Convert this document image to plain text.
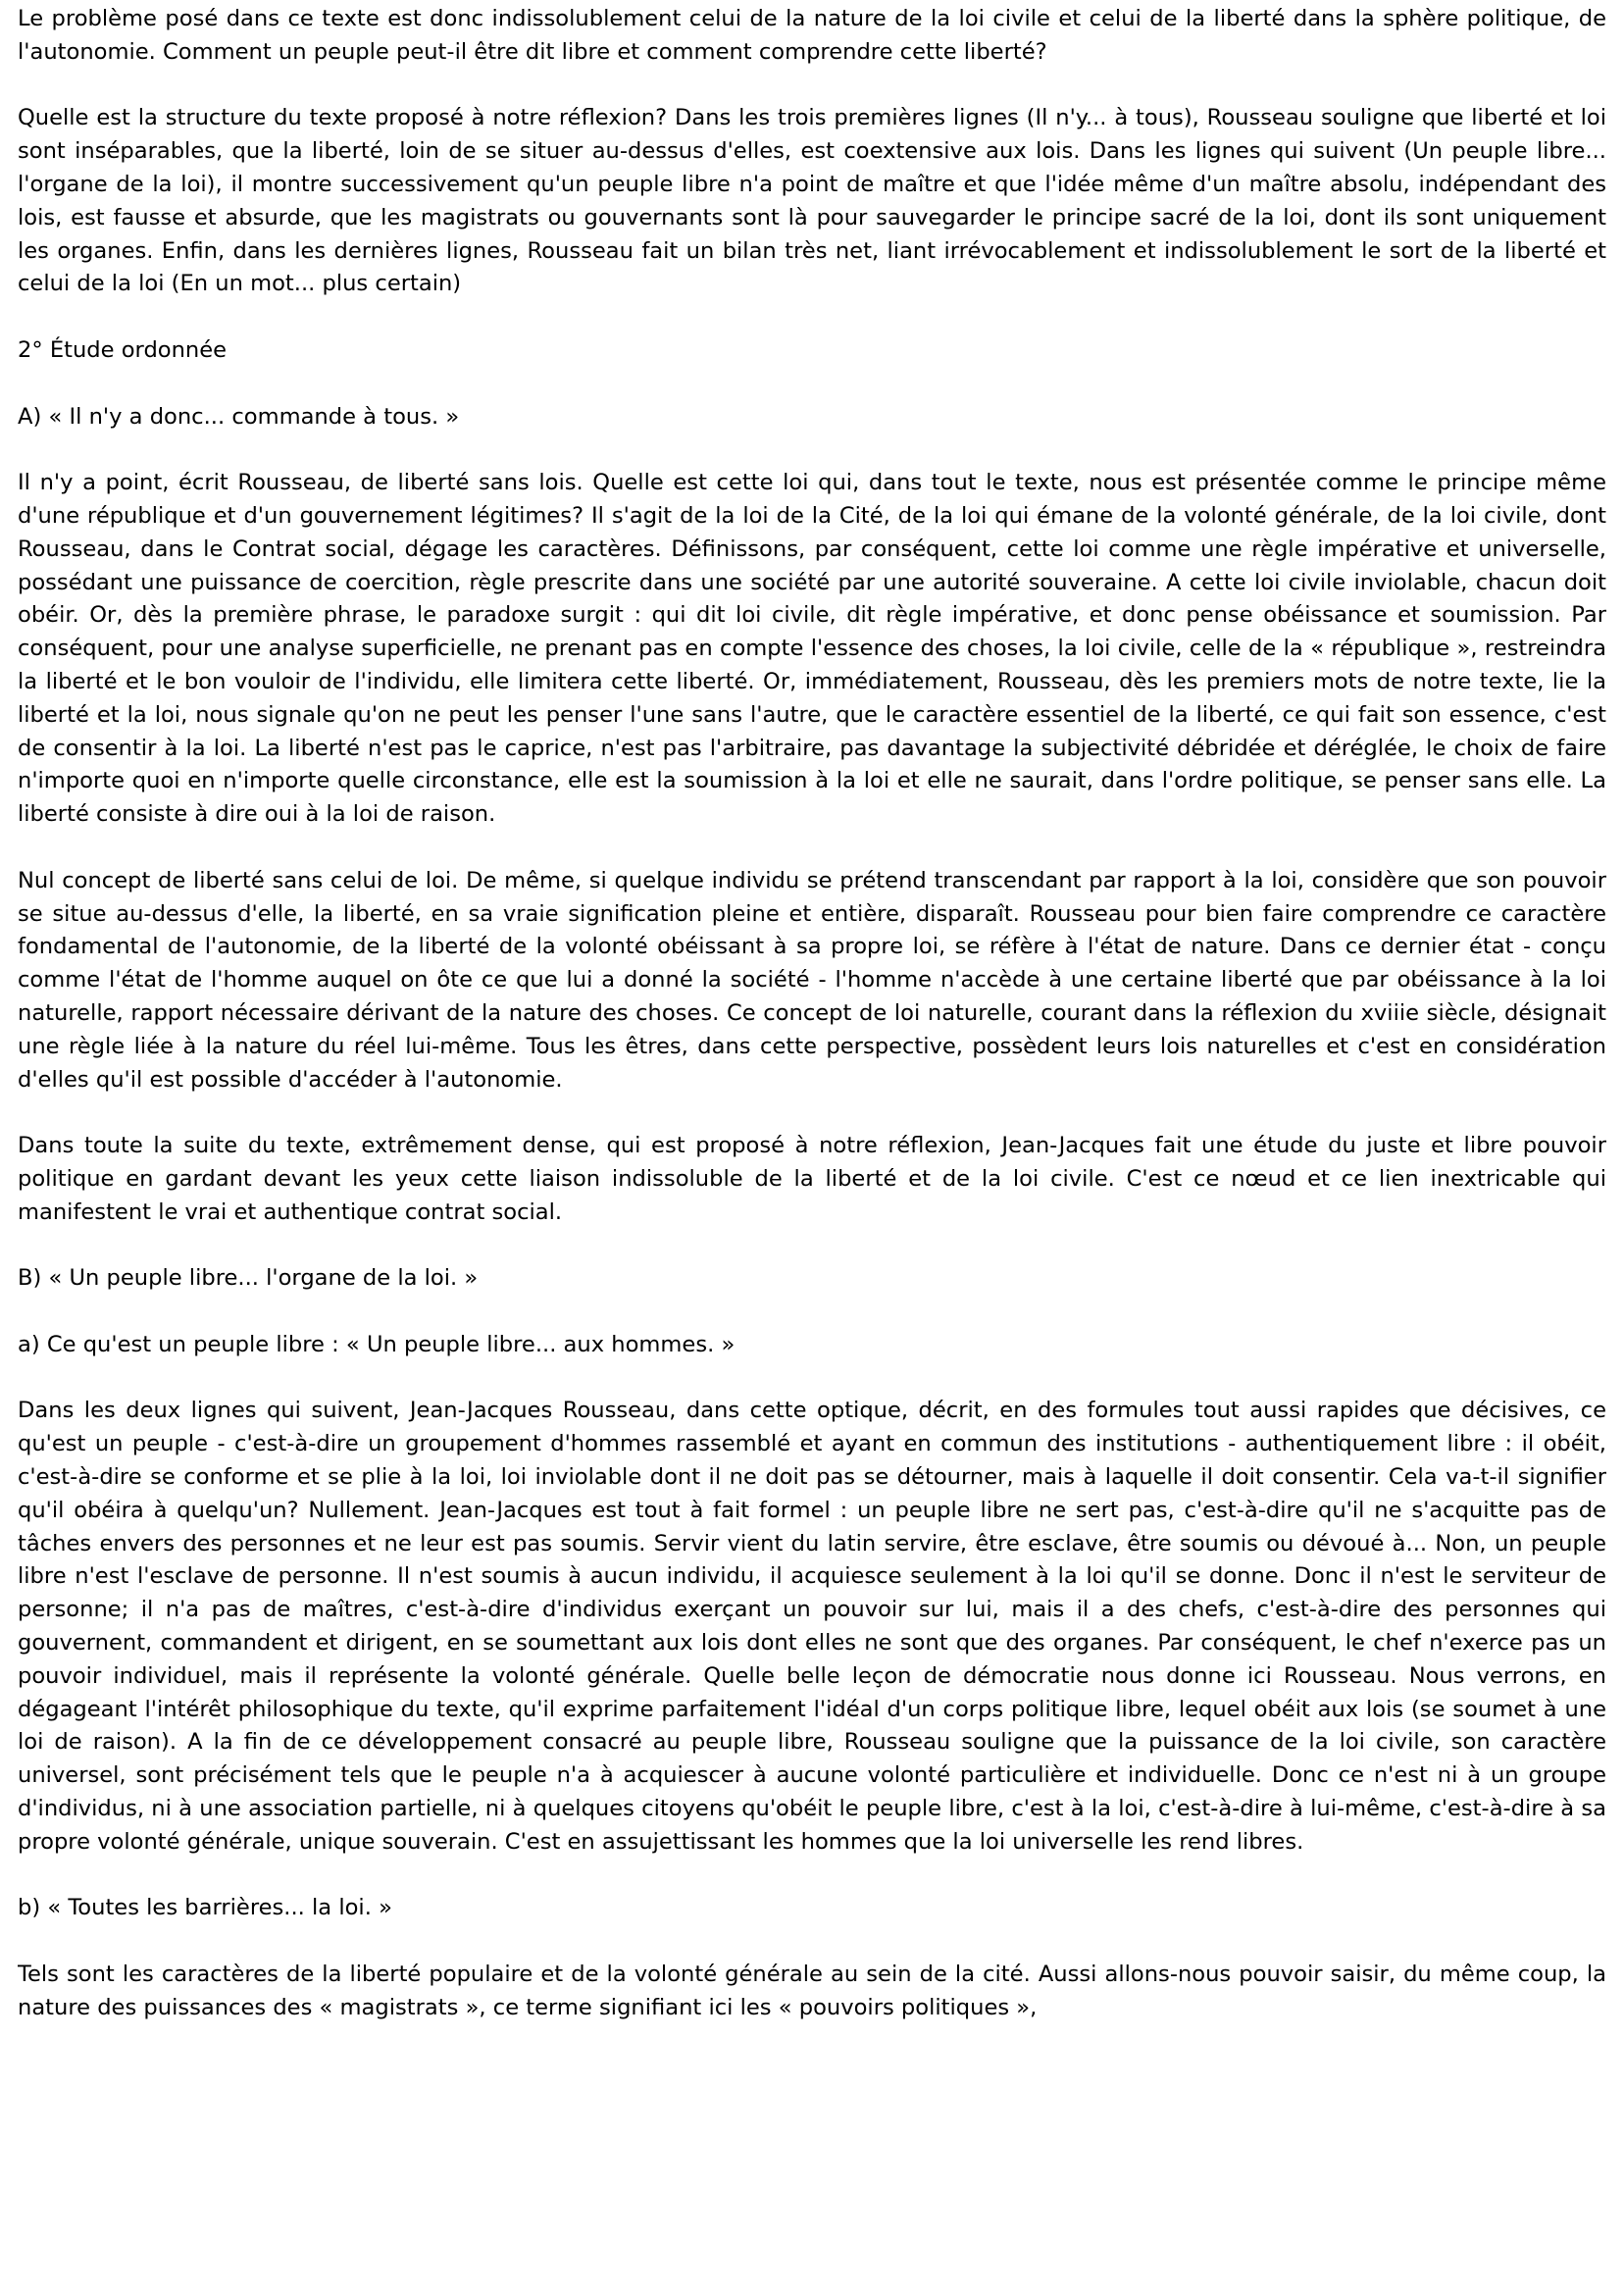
Le problème posé dans ce texte est donc indissolublement celui de la nature de la loi civile et celui de la liberté dans la sphère politique, de l'autonomie. Comment un peuple peut-il être dit libre et comment comprendre cette liberté?

Quelle est la structure du texte proposé à notre réflexion? Dans les trois premières lignes (Il n'y... à tous), Rousseau souligne que liberté et loi sont inséparables, que la liberté, loin de se situer au-dessus d'elles, est coextensive aux lois. Dans les lignes qui suivent (Un peuple libre... l'organe de la loi), il montre successivement qu'un peuple libre n'a point de maître et que l'idée même d'un maître absolu, indépendant des lois, est fausse et absurde, que les magistrats ou gouvernants sont là pour sauvegarder le principe sacré de la loi, dont ils sont uniquement les organes. Enfin, dans les dernières lignes, Rousseau fait un bilan très net, liant irrévocablement et indissolublement le sort de la liberté et celui de la loi (En un mot... plus certain)

2° Étude ordonnée

A) « Il n'y a donc... commande à tous. »

Il n'y a point, écrit Rousseau, de liberté sans lois. Quelle est cette loi qui, dans tout le texte, nous est présentée comme le principe même d'une république et d'un gouvernement légitimes? Il s'agit de la loi de la Cité, de la loi qui émane de la volonté générale, de la loi civile, dont Rousseau, dans le Contrat social, dégage les caractères. Définissons, par conséquent, cette loi comme une règle impérative et universelle, possédant une puissance de coercition, règle prescrite dans une société par une autorité souveraine. A cette loi civile inviolable, chacun doit obéir. Or, dès la première phrase, le paradoxe surgit : qui dit loi civile, dit règle impérative, et donc pense obéissance et soumission. Par conséquent, pour une analyse superficielle, ne prenant pas en compte l'essence des choses, la loi civile, celle de la « république », restreindra la liberté et le bon vouloir de l'individu, elle limitera cette liberté. Or, immédiatement, Rousseau, dès les premiers mots de notre texte, lie la liberté et la loi, nous signale qu'on ne peut les penser l'une sans l'autre, que le caractère essentiel de la liberté, ce qui fait son essence, c'est de consentir à la loi. La liberté n'est pas le caprice, n'est pas l'arbitraire, pas davantage la subjectivité débridée et déréglée, le choix de faire n'importe quoi en n'importe quelle circonstance, elle est la soumission à la loi et elle ne saurait, dans l'ordre politique, se penser sans elle. La liberté consiste à dire oui à la loi de raison.

Nul concept de liberté sans celui de loi. De même, si quelque individu se prétend transcendant par rapport à la loi, considère que son pouvoir se situe au-dessus d'elle, la liberté, en sa vraie signification pleine et entière, disparaît. Rousseau pour bien faire comprendre ce caractère fondamental de l'autonomie, de la liberté de la volonté obéissant à sa propre loi, se réfère à l'état de nature. Dans ce dernier état - conçu comme l'état de l'homme auquel on ôte ce que lui a donné la société - l'homme n'accède à une certaine liberté que par obéissance à la loi naturelle, rapport nécessaire dérivant de la nature des choses. Ce concept de loi naturelle, courant dans la réflexion du xviiie siècle, désignait une règle liée à la nature du réel lui-même. Tous les êtres, dans cette perspective, possèdent leurs lois naturelles et c'est en considération d'elles qu'il est possible d'accéder à l'autonomie.

Dans toute la suite du texte, extrêmement dense, qui est proposé à notre réflexion, Jean-Jacques fait une étude du juste et libre pouvoir politique en gardant devant les yeux cette liaison indissoluble de la liberté et de la loi civile. C'est ce nœud et ce lien inextricable qui manifestent le vrai et authentique contrat social.

B) « Un peuple libre... l'organe de la loi. »

a) Ce qu'est un peuple libre : « Un peuple libre... aux hommes. »

Dans les deux lignes qui suivent, Jean-Jacques Rousseau, dans cette optique, décrit, en des formules tout aussi rapides que décisives, ce qu'est un peuple - c'est-à-dire un groupement d'hommes rassemblé et ayant en commun des institutions - authentiquement libre : il obéit, c'est-à-dire se conforme et se plie à la loi, loi inviolable dont il ne doit pas se détourner, mais à laquelle il doit consentir. Cela va-t-il signifier qu'il obéira à quelqu'un? Nullement. Jean-Jacques est tout à fait formel : un peuple libre ne sert pas, c'est-à-dire qu'il ne s'acquitte pas de tâches envers des personnes et ne leur est pas soumis. Servir vient du latin servire, être esclave, être soumis ou dévoué à... Non, un peuple libre n'est l'esclave de personne. Il n'est soumis à aucun individu, il acquiesce seulement à la loi qu'il se donne. Donc il n'est le serviteur de personne; il n'a pas de maîtres, c'est-à-dire d'individus exerçant un pouvoir sur lui, mais il a des chefs, c'est-à-dire des personnes qui gouvernent, commandent et dirigent, en se soumettant aux lois dont elles ne sont que des organes. Par conséquent, le chef n'exerce pas un pouvoir individuel, mais il représente la volonté générale. Quelle belle leçon de démocratie nous donne ici Rousseau. Nous verrons, en dégageant l'intérêt philosophique du texte, qu'il exprime parfaitement l'idéal d'un corps politique libre, lequel obéit aux lois (se soumet à une loi de raison). A la fin de ce développement consacré au peuple libre, Rousseau souligne que la puissance de la loi civile, son caractère universel, sont précisément tels que le peuple n'a à acquiescer à aucune volonté particulière et individuelle. Donc ce n'est ni à un groupe d'individus, ni à une association partielle, ni à quelques citoyens qu'obéit le peuple libre, c'est à la loi, c'est-à-dire à lui-même, c'est-à-dire à sa propre volonté générale, unique souverain. C'est en assujettissant les hommes que la loi universelle les rend libres.

b) « Toutes les barrières... la loi. »

Tels sont les caractères de la liberté populaire et de la volonté générale au sein de la cité. Aussi allons-nous pouvoir saisir, du même coup, la nature des puissances des « magistrats », ce terme signifiant ici les « pouvoirs politiques »,
